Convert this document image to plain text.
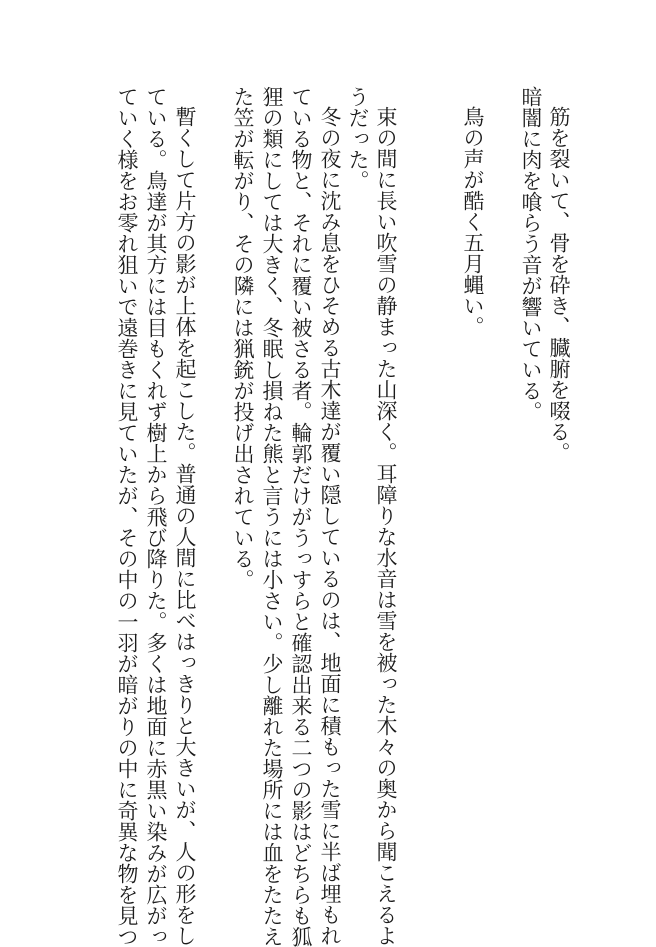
筋を裂いて、骨を砕き、臓腑を啜る。

暗闇に肉を喰らう音が響いている。

鳥の声が酷く五月蝿い。

束の間に長い吹雪の静まった山深く。耳障りな水音は雪を被った木々の奥から聞こえるよ

うだった。

冬の夜に沈み息をひそめる古木達が覆い隠しているのは、地面に積もった雪に半ば埋もれ

ている物と、それに覆い被さる者。輪郭だけがうっすらと確認出来る二つの影はどちらも狐

狸の類にしては大きく、冬眠し損ねた熊と言うには小さい。少し離れた場所には血をたたえ

た笠が転がり、その隣には猟銃が投げ出されている。

暫くして片方の影が上体を起こした。普通の人間に比べはっきりと大きいが、人の形をし

ている。鳥達が其方には目もくれず樹上から飛び降りた。多くは地面に赤黒い染みが広がっ

ていく様をお零れ狙いで遠巻きに見ていたが、その中の一羽が暗がりの中に奇異な物を見つ
